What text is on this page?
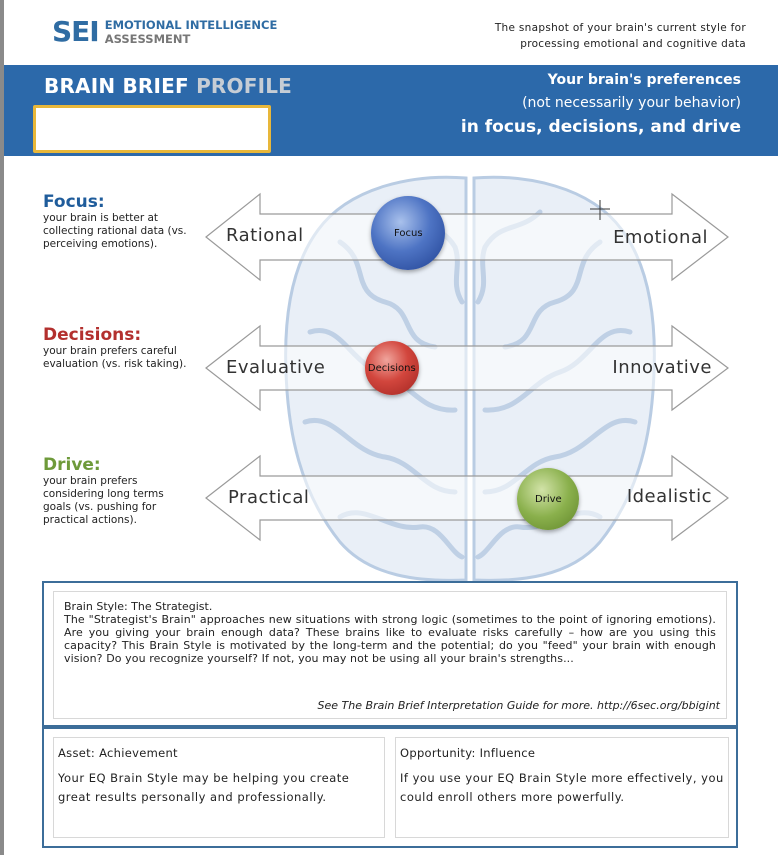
SEI EMOTIONAL INTELLIGENCE
ASSESSMENT
The snapshot of your brain's current style for processing emotional and cognitive data
BRAIN BRIEF PROFILE	Your brain's preferences
(not necessarily your behavior)
in focus, decisions, and drive
Focus:
your brain is better at collecting rational data (vs. perceiving emotions).
Decisions:
your brain prefers careful evaluation (vs. risk taking).
Drive:
your brain prefers considering long terms goals (vs. pushing for practical actions).
Rational	Emotional
Evaluative	Innovative
Practical	Idealistic
Focus
Decisions
Drive
Brain Style: The Strategist.
The "Strategist's Brain" approaches new situations with strong logic (sometimes to the point of ignoring emotions). Are you giving your brain enough data? These brains like to evaluate risks carefully – how are you using this capacity? This Brain Style is motivated by the long-term and the potential; do you "feed" your brain with enough vision? Do you recognize yourself? If not, you may not be using all your brain's strengths...
See The Brain Brief Interpretation Guide for more. http://6sec.org/bbigint
Asset: Achievement
Your EQ Brain Style may be helping you create great results personally and professionally.
Opportunity: Influence
If you use your EQ Brain Style more effectively, you could enroll others more powerfully.
